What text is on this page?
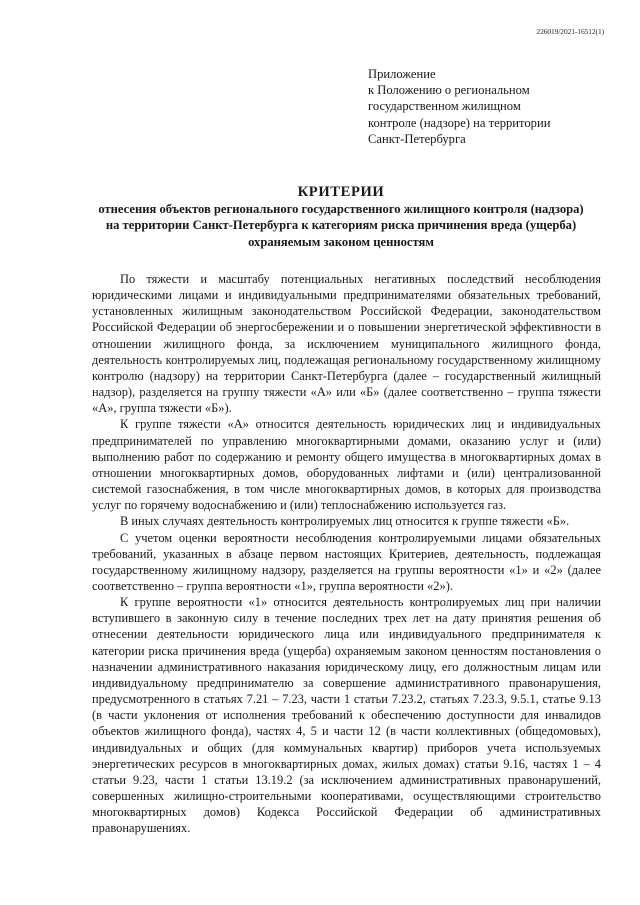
226019/2021-16512(1)
Приложение
к Положению о региональном
государственном жилищном
контроле (надзоре) на территории
Санкт-Петербурга
КРИТЕРИИ
отнесения объектов регионального государственного жилищного контроля (надзора)
на территории Санкт-Петербурга к категориям риска причинения вреда (ущерба)
охраняемым законом ценностям

По тяжести и масштабу потенциальных негативных последствий несоблюдения юридическими лицами и индивидуальными предпринимателями обязательных требований, установленных жилищным законодательством Российской Федерации, законодательством Российской Федерации об энергосбережении и о повышении энергетической эффективности в отношении жилищного фонда, за исключением муниципального жилищного фонда, деятельность контролируемых лиц, подлежащая региональному государственному жилищному контролю (надзору) на территории Санкт-Петербурга (далее – государственный жилищный надзор), разделяется на группу тяжести «А» или «Б» (далее соответственно – группа тяжести «А», группа тяжести «Б»).

К группе тяжести «А» относится деятельность юридических лиц и индивидуальных предпринимателей по управлению многоквартирными домами, оказанию услуг и (или) выполнению работ по содержанию и ремонту общего имущества в многоквартирных домах в отношении многоквартирных домов, оборудованных лифтами и (или) централизованной системой газоснабжения, в том числе многоквартирных домов, в которых для производства услуг по горячему водоснабжению и (или) теплоснабжению используется газ.

В иных случаях деятельность контролируемых лиц относится к группе тяжести «Б».

С учетом оценки вероятности несоблюдения контролируемыми лицами обязательных требований, указанных в абзаце первом настоящих Критериев, деятельность, подлежащая государственному жилищному надзору, разделяется на группы вероятности «1» и «2» (далее соответственно – группа вероятности «1», группа вероятности «2»).

К группе вероятности «1» относится деятельность контролируемых лиц при наличии вступившего в законную силу в течение последних трех лет на дату принятия решения об отнесении деятельности юридического лица или индивидуального предпринимателя к категории риска причинения вреда (ущерба) охраняемым законом ценностям постановления о назначении административного наказания юридическому лицу, его должностным лицам или индивидуальному предпринимателю за совершение административного правонарушения, предусмотренного в статьях 7.21 – 7.23, части 1 статьи 7.23.2, статьях 7.23.3, 9.5.1, статье 9.13 (в части уклонения от исполнения требований к обеспечению доступности для инвалидов объектов жилищного фонда), частях 4, 5 и части 12 (в части коллективных (общедомовых), индивидуальных и общих (для коммунальных квартир) приборов учета используемых энергетических ресурсов в многоквартирных домах, жилых домах) статьи 9.16, частях 1 – 4 статьи 9.23, части 1 статьи 13.19.2 (за исключением административных правонарушений, совершенных жилищно-строительными кооперативами, осуществляющими строительство многоквартирных домов) Кодекса Российской Федерации об административных правонарушениях.
